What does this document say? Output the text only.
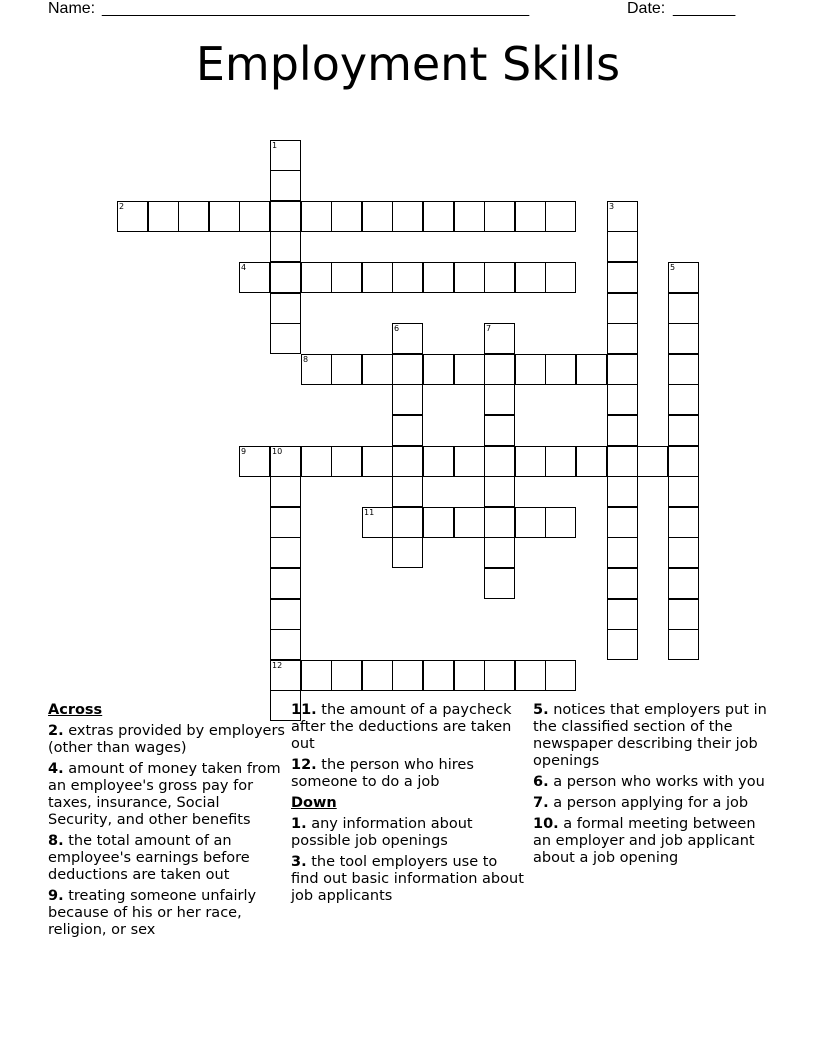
Name: ________________________________________________	Date: _______
Employment Skills
1
2	3
4	5
6	7
8
9	10
12
11
Across
2. extras provided by employers (other than wages)
4. amount of money taken from an employee's gross pay for taxes, insurance, Social Security, and other benefits
8. the total amount of an employee's earnings before deductions are taken out
9. treating someone unfairly because of his or her race, religion, or sex
11. the amount of a paycheck after the deductions are taken out
12. the person who hires someone to do a job
Down
1. any information about possible job openings
3. the tool employers use to find out basic information about job applicants
5. notices that employers put in the classified section of the newspaper describing their job openings
6. a person who works with you
7. a person applying for a job
10. a formal meeting between an employer and job applicant about a job opening
